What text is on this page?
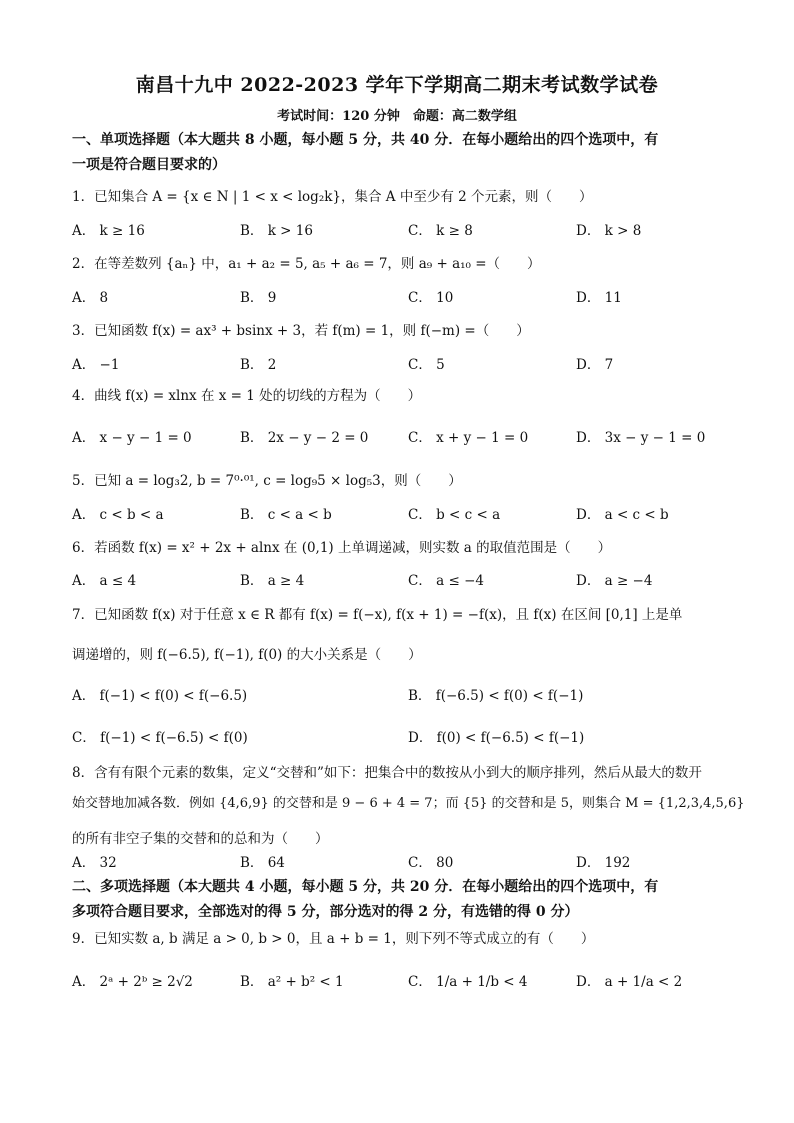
南昌十九中 2022-2023 学年下学期高二期末考试数学试卷
考试时间：120 分钟　命题：高二数学组
一、单项选择题（本大题共 8 小题，每小题 5 分，共 40 分．在每小题给出的四个选项中，有
一项是符合题目要求的）
1．已知集合 A = {x ∈ N | 1 < x < log₂k}，集合 A 中至少有 2 个元素，则（　　）
A． k ≥ 16	B． k > 16	C． k ≥ 8	D． k > 8
2．在等差数列 {aₙ} 中，a₁ + a₂ = 5, a₅ + a₆ = 7，则 a₉ + a₁₀ =（　　）
A． 8	B． 9	C． 10	D． 11
3．已知函数 f(x) = ax³ + bsinx + 3，若 f(m) = 1，则 f(−m) =（　　）
A． −1	B． 2	C． 5	D． 7
4．曲线 f(x) = xlnx 在 x = 1 处的切线的方程为（　　）
A． x − y − 1 = 0	B． 2x − y − 2 = 0	C． x + y − 1 = 0	D． 3x − y − 1 = 0
5．已知 a = log₃2, b = 7⁰·⁰¹, c = log₉5 × log₅3，则（　　）
A． c < b < a	B． c < a < b	C． b < c < a	D． a < c < b
6．若函数 f(x) = x² + 2x + alnx 在 (0,1) 上单调递减，则实数 a 的取值范围是（　　）
A． a ≤ 4	B． a ≥ 4	C． a ≤ −4	D． a ≥ −4
7．已知函数 f(x) 对于任意 x ∈ R 都有 f(x) = f(−x), f(x + 1) = −f(x)，且 f(x) 在区间 [0,1] 上是单
调递增的，则 f(−6.5), f(−1), f(0) 的大小关系是（　　）
A． f(−1) < f(0) < f(−6.5)	B． f(−6.5) < f(0) < f(−1)
C． f(−1) < f(−6.5) < f(0)	D． f(0) < f(−6.5) < f(−1)
8．含有有限个元素的数集，定义“交替和”如下：把集合中的数按从小到大的顺序排列，然后从最大的数开
始交替地加减各数．例如 {4,6,9} 的交替和是 9 − 6 + 4 = 7；而 {5} 的交替和是 5，则集合 M = {1,2,3,4,5,6}
的所有非空子集的交替和的总和为（　　）
A． 32	B． 64	C． 80	D． 192
二、多项选择题（本大题共 4 小题，每小题 5 分，共 20 分．在每小题给出的四个选项中，有
多项符合题目要求，全部选对的得 5 分，部分选对的得 2 分，有选错的得 0 分）
9．已知实数 a, b 满足 a > 0, b > 0，且 a + b = 1，则下列不等式成立的有（　　）
A． 2ᵃ + 2ᵇ ≥ 2√2	B． a² + b² < 1	C． 1/a + 1/b < 4	D． a + 1/a < 2
